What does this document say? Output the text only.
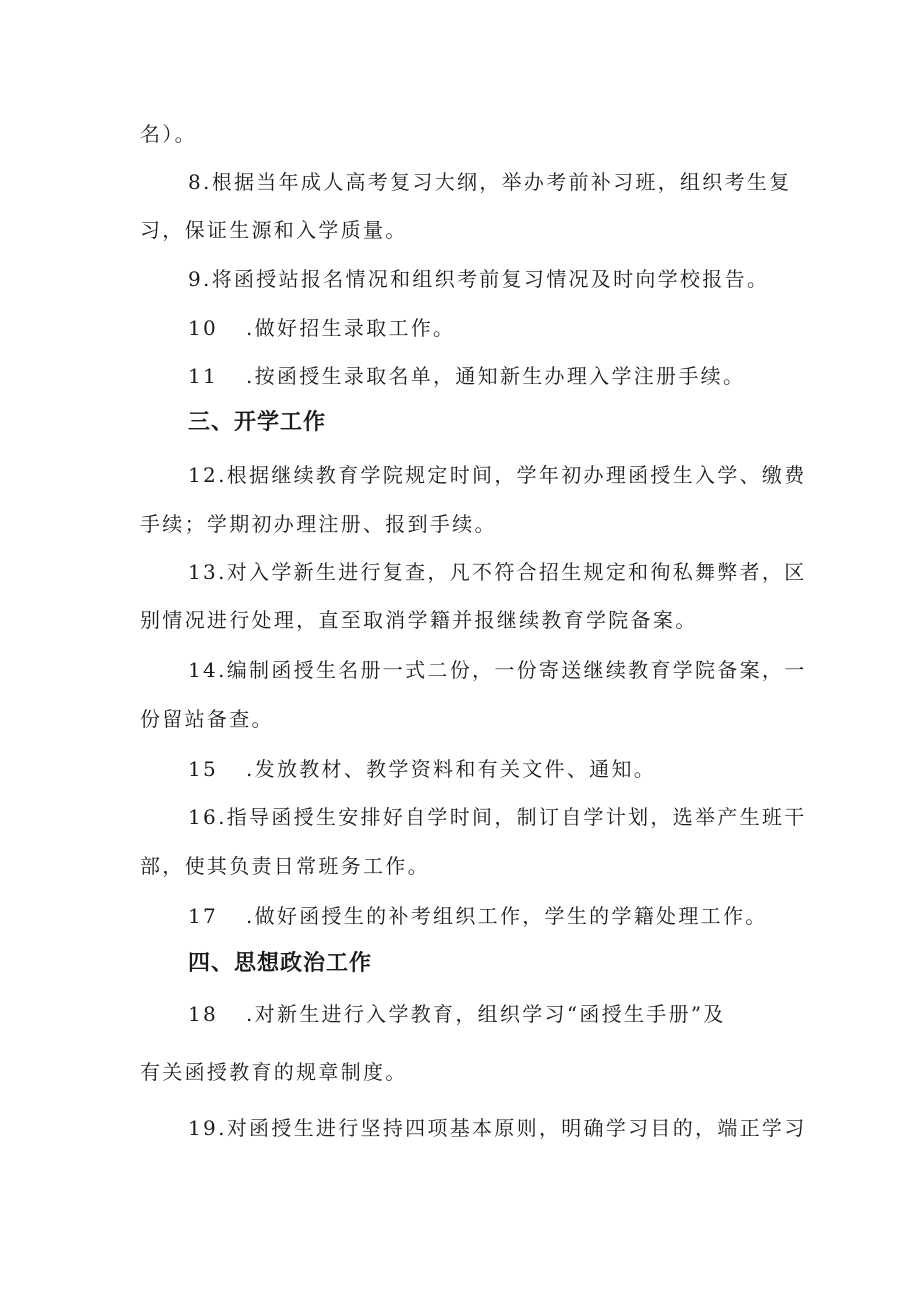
名）。
8.根据当年成人高考复习大纲，举办考前补习班，组织考生复
习，保证生源和入学质量。
9.将函授站报名情况和组织考前复习情况及时向学校报告。
10 .做好招生录取工作。
11 .按函授生录取名单，通知新生办理入学注册手续。
三、开学工作
12.根据继续教育学院规定时间，学年初办理函授生入学、缴费
手续；学期初办理注册、报到手续。
13.对入学新生进行复查，凡不符合招生规定和徇私舞弊者，区
别情况进行处理，直至取消学籍并报继续教育学院备案。
14.编制函授生名册一式二份，一份寄送继续教育学院备案，一
份留站备查。
15 .发放教材、教学资料和有关文件、通知。
16.指导函授生安排好自学时间，制订自学计划，选举产生班干
部，使其负责日常班务工作。
17 .做好函授生的补考组织工作，学生的学籍处理工作。
四、思想政治工作
18 .对新生进行入学教育，组织学习“函授生手册”及
有关函授教育的规章制度。
19.对函授生进行坚持四项基本原则，明确学习目的，端正学习
